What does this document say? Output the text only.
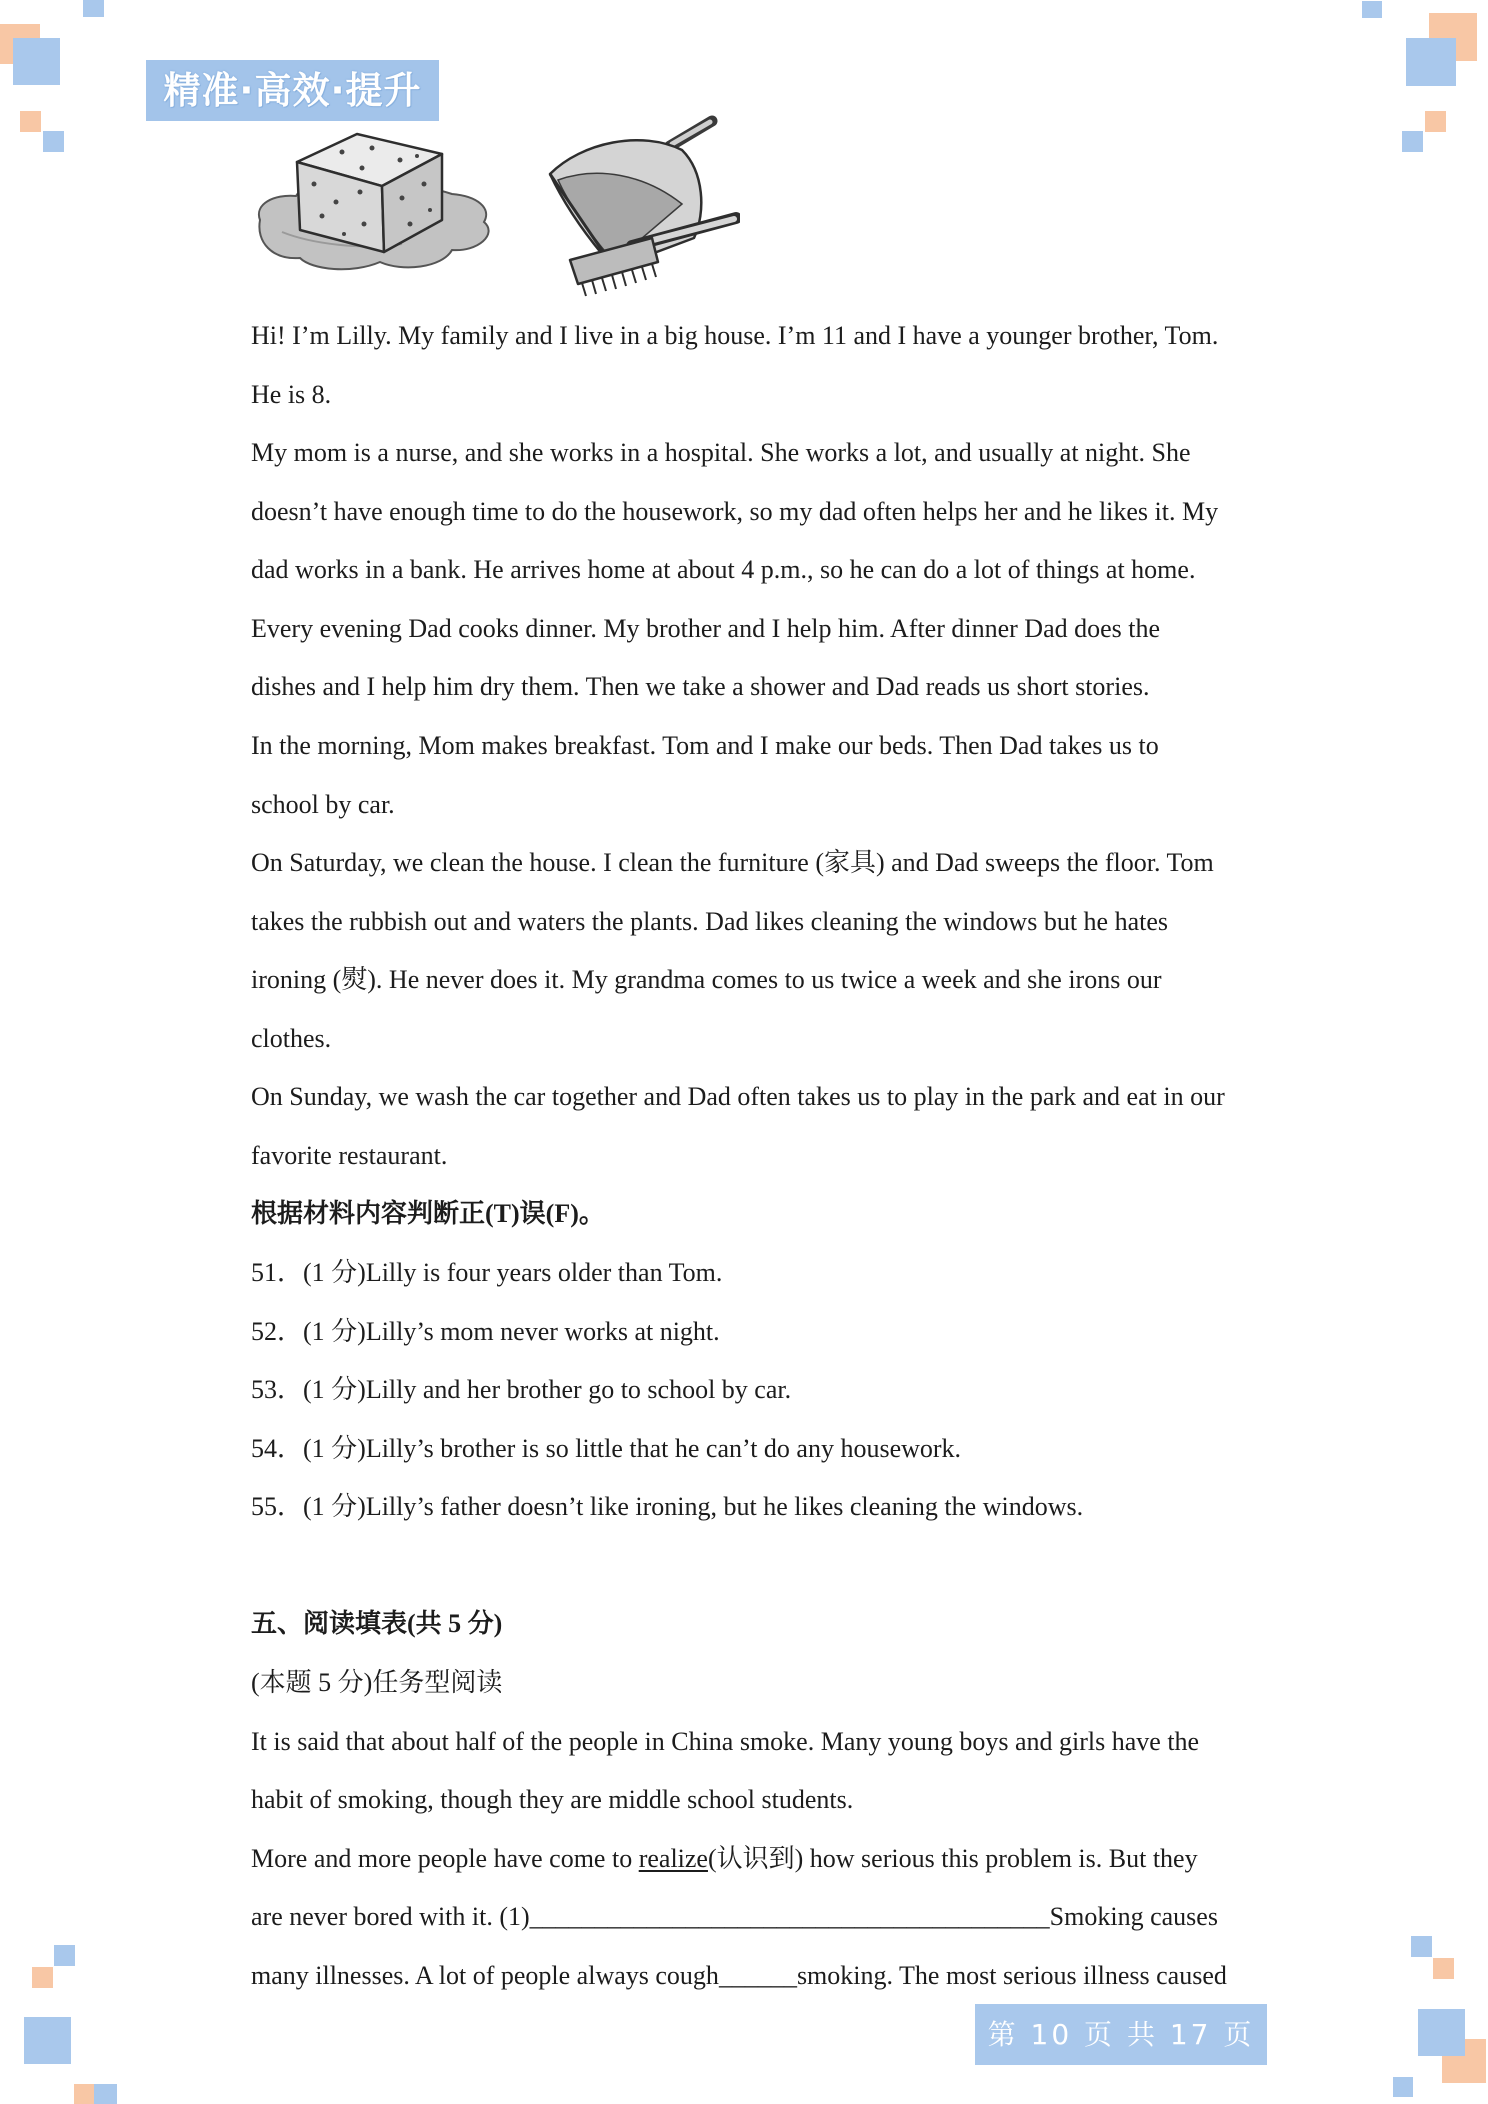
精准·高效·提升
Hi! I’m Lilly. My family and I live in a big house. I’m 11 and I have a younger brother, Tom.
He is 8.
My mom is a nurse, and she works in a hospital. She works a lot, and usually at night. She
doesn’t have enough time to do the housework, so my dad often helps her and he likes it. My
dad works in a bank. He arrives home at about 4 p.m., so he can do a lot of things at home.
Every evening Dad cooks dinner. My brother and I help him. After dinner Dad does the
dishes and I help him dry them. Then we take a shower and Dad reads us short stories.
In the morning, Mom makes breakfast. Tom and I make our beds. Then Dad takes us to
school by car.
On Saturday, we clean the house. I clean the furniture (家具) and Dad sweeps the floor. Tom
takes the rubbish out and waters the plants. Dad likes cleaning the windows but he hates
ironing (熨). He never does it. My grandma comes to us twice a week and she irons our
clothes.
On Sunday, we wash the car together and Dad often takes us to play in the park and eat in our
favorite restaurant.
根据材料内容判断正(T)误(F)。
51．(1 分)Lilly is four years older than Tom.
52．(1 分)Lilly’s mom never works at night.
53．(1 分)Lilly and her brother go to school by car.
54．(1 分)Lilly’s brother is so little that he can’t do any housework.
55．(1 分)Lilly’s father doesn’t like ironing, but he likes cleaning the windows.
五、阅读填表(共 5 分)
(本题 5 分)任务型阅读
It is said that about half of the people in China smoke. Many young boys and girls have the
habit of smoking, though they are middle school students.
More and more people have come to realize(认识到) how serious this problem is. But they
are never bored with it. (1)________________________________________Smoking causes
many illnesses. A lot of people always cough______smoking. The most serious illness caused
第 10 页 共 17 页
